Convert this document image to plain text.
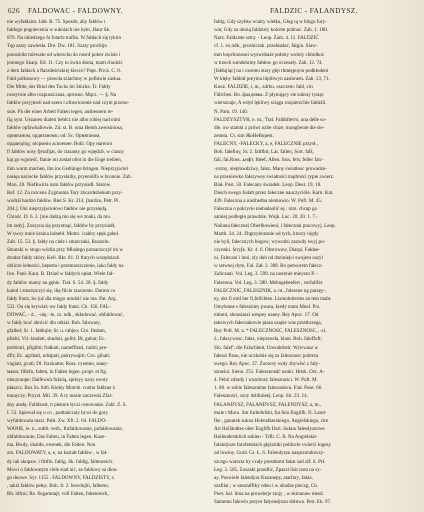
626 FALDOWAC - FALDOWNY.	FALDZIC - FALANDYSZ.
nie wyfałdzim. Jabł. B. 75. Sposób, aby fałdów i
fałdogo pogniecenia w sukniach nie było. Haur Sk.
870. Na obiedzego fa fotarle trafiła. W fałdach się tykim
Tęp szaty zawiesła. Dre. Dw. 181. Szary prochijn
ponośnikt miewało od wierzchu do nosnf pobor zwisie i
jemnego Skarp. Ed. 11. Czy to świta doma, mam chodzić
z dem fałdach a flarzdeściskiej kiecce? Papr. Prz.k. C. 8.
Fałd polbanowy — prawda szlachtoy w pofławie zasłua.
Die Mitte, der Brnd des Tuchs im Stücke. Tr. Fałdy
rozeyrnie albo rozpuszczaua, sprosno. Mącz. — §. Na
fałdów przyjmeli nad ezem r.oftawiczenie nad czym przeno-
snie. Fh der einer Arbeit Falten legen, ausbessern re-
fig sym. Uezaneo dialeti behlcz nie albo robiej nad nimi
fałdów opfawhaliowie. Zd. st. B. oma Hemh aweisiniosa,
орнвтаном, ордвтаномu; od: Sc. Орнвтaном,
ордшeдlog; иlсрмнiо acnoeuнe. Bohl. Ору нaгеоrо
fi fałdów nosy fjerafijat, do ciasaoty go wpędził, w ciasny
kąt go wgnieść, ftanie mi został obnt in die Enge treiben,
ihm warm machen, ihn ins Gedränge bringen. Nieprzyjaciel
nasięa nariocke fałdów przysłaiby, pryeniólfa w bronnie. Zab.
Mon. 20. Niefkwiria nam fałdów przysiadł. Starow.
Ref. 12. Za rozcena Zygmunta Tary zbcardeżienum przy-
wodził hardzo fałdów. Biel.S. Kr. 314. [hardzo, Petr. Pi.
204.]. Oni nieprzyjaciołowi fałdów nie przysiędą.
Chrośc. D. 6. 2. [nie dadzą mu się we znaki, da mu
im rady]. Zoszyna się przystnąć, fałdów by przysiadł,
W swoy mnie kraina łaźsehł. Motnr. i takby spęk gabel.
Zab. 15. 53. §. fałdy na ciele i smarczaki, Runzeln.
Smarski w stogu wódźa przy Mlodego pomarszczył mi w
drodze fałdy skóry. Kell. Rkr. 81. O ftarych wszędziach
oblicze iedności, beperta i przemarszczenie, iako fałdy na
lice. Pauł. Kaut. B. Dziad w fałdych opłat. Wiele fał-
dy fałdów mamy na gębie. Trał. S. 54. 28. §. fałdy
kamd i zmarszczył się, ilię filcie rzaczenie. Darmo co
fałdy fnutz, bo już dla mięgo urodzić nie ma. Pat. Arg.
532. Oo się krywiał; ow fałdy fnutz. Ch. 156. FAL-
DOWAĆ, - d. , -uię, -ie, cz. ndk., składować, obfałdować,
w fałdy brać abrócić dlo utkiał. Boh. falowaty,
gfalbel; Sr. 1. fałdujie; Sr. u. rabjeo; Cro. fiedam,
pfielti; Vd. śaudati, sbuduti, guliti; Bł, gubat; Ec.
prebirati, pfigbiti; frałkati, nameffitati, ruditi; pre-
dfir; Ec. agribati, ndsipati, pokrywajiti; Cro. gibati;
vugiati, gvati; Dl. fraxkame; Ross. сyмпно, маку-
мамо; fillefn, falten, in Falten legen. propr. et fig.
nieuyraupe; Dalfewuh fuknią, spiłoyy uzuy swoty
płaszcz. Boz Ss. 846. Kiełzy Motrsh. conhu fałdzne à
tonayczy. Przysł. Mil. 39. A ty masie zaczewki Zfal-
doy anelę. Falldzosł, ti pieknie łyczi cenowanie. Zahl. Z. S.
I. 53. Spiewał się u co , podtańczaty bywi do gory
wyfaldowała tuszt. Pabł. Zw. Xft. 2. 64. FALDO-
WANIE, ie. n., subft. verb., ftufaldowanie, pofałdowanie,
ohfaldowanie, Das Falten, in Falten legen. Kuse-
ma, Bwdy, okaldu, ewenek, die Falten. Nou
zm. FALDOWATY, a, e, na kształt fałdów , w fał-
dy iak skopaw. i fittfin. faltig. Sk. faldig, faltenreich.
Mowi o fałdowatym ciele siad nić, ze faldowy sa dlou-
go dnowe. Syr. 1155 . FALDOWNY, FALDZISTY, s.
, takiż fałdów pełny. Boh. fr. 2. bewdojiti, falbenn;
Bh. ldfrui; Re. ϐogаmнаjt; voll Falten, faltenreich,
faltig. Gdy szybko wiatry wiełka, Głog tą w blogu fury-
wat, Gdy za oknią faldzisty kolcem pohnać. Zab. 1. 180.
Narz. Faldziste sztry. - Leop. Żam. 4. 11. FALDZIĆ
cf. 1. ex.ndk., prośniczsk. przekładać, falgiu. Slaw-
mm kopchonosni wyswobaźe pohmy wolniy chłodkoś
w trzech sumdshrmy fałdow go oczesały. Zab. 12. 74.
[fałdujiąc] na i owemu stary głęi rhmtępuym podkłodem
W kłęby fałdnił preyma hlplitwyn zasłonem. Zab. 13, 71.
Knoż. FALDZIE, i, m., zdrbu. oszczem. fałd, cin
Fältchen. Rn. фалдовка. Z płynujący sie sukray tysiąc
wiersznaje, A wdyś lękliwy sciąga rozpierzchle fałdzili.
N. Pam. 19. 140.
FALDZYSZTYR, o. m., Trał. Faldhfterro, una delle so-
dle, ow stamni z pritwi ozite chize, mongbeute die sie-
zennta. Ст. sim ЖоHeBoреst.
FALECNY, -FALECKY, a, e, FALECZNIE przysł.,
Boh. falefiny, Sr. 2. faltfhit; Lat. fallen, Sort. faĺš,
fali, fal,Ross. ѧнфт, fdeef, Allen. foss, fels; feller falc-
-yszny, nieprawdziwy, fałsz. Many światłosc prowadze-
na przeniewko fałszywey świałtości mądrości rypie zwierz.
Biał. Post. 50. Falecany świadek. Leop. Deut. 19, 18.
Dusch swego fodalt przez fałeczne nauczycióle. Karn. Kat.
439. Faleczna a niezbedna niemowio. W. Poft. M. 45.
Faleczna o pokrycie niebadaolić sę : nim. chcap go
samiej podległo prawdzie. Wujk. Luc. 20, 20. 1. 7.-
Naliana fałecznei Oberlhowieni, i fałecznai pracowyj. Leop.
Marth. 24. 24. Zbgrzybonsnie od tych, ktorzy nigdy
nie byli, falecznych bogow; wywodzi zazwdy swyj po-
czyonki. Stryjk. Kr. 4. 6. Obsrowaw, Diaspi, Fałdoe-
ni, Falecani i inni, zly duh od dzeiniejci swojem oszyl
w sstwnej dyre, Fal. Zał. 2. 388. Bo potworem fałecz-
Zaliczani. Vol. Leg. 3. 599. na tascenie mieysru P. -
Falecena. Vol. Leg. 3. 580. Mehngebeefert , verfallfer.
FALECZNIC, FALESZNIK, a. m., faleszne ng parzęy-,
ey, der fi mitl ber fi,felfchten. Lismobdrertes an tem mabt.
Omyleane s faleszniey pwata, kiedy mam Mnel. Prz.
nimmi, shnasiaszi wespey nauey. Rey Apoc. 17. Od
takowych fałecsakowie piasa szapie was przethrzega,
Rey Poft. M. a. * FALECZNOSC, FALESZNOSC., -ci,
ź., fałszywosc, fałsz, nieprawda, klam. Boh. faleffoft;
Slo. falef'; die Falschheit, Unwahrheit. Wyirwasz w
fałeszi Panu, nie uczkohie się za falesznosc pobrera
swego. Rey Apoc. 37. Żuowny woły zbywisć z fały-
sznośoi. Sienn. 251. Falesznosdć nauki. Hrtsk. Ośc. A-
4. Pelni zdrady i wszeltosy faleszności. W. Poft. M.
1. 80. w sobie falesznóme falesznóscu. Fiał. Pose. 66.
Faleszności, szoy dsbfuiieej. Leop. Sir. 23. 14.
FALANDYSZ, FALANDYSZ, FALENDYSZ, a, m.,
mule t Moro. Sm furledofshi, fut fein Englifh. N. Land-
fhe , gatunek sukna Holendkerskiego, Angielskiego, cire
Art Holländtes ober Englifh Dari. Sukno fałesdyszowe
Hollendersklich sukien - Trflr. C. Ił. Na Angielskie
falandysze farofenskich glężzniki pohlucle cwierci łogesy
od lowiny. Goid. Gr. Ł. 6. Falendyszu nasprzondowzy-
szcego warszta by cxały prestdomi fakat sad zlf. S. Prł.
Leg. 3. 505. Zoszaki przedlić, Zpaszt lisit nom na sy-
ay. Poswiele falendysz Kezanepy, atarfary, Jakie,
szafilai ; w ansztaffiky odeu i w aliadze pieczg. Ch.
Poet. Sal. lima na prowderje ztojy , w skinunaw mesd.
Samemu falewlo potym fałyendyszu dołnwa. Petr. Ek. 97.
